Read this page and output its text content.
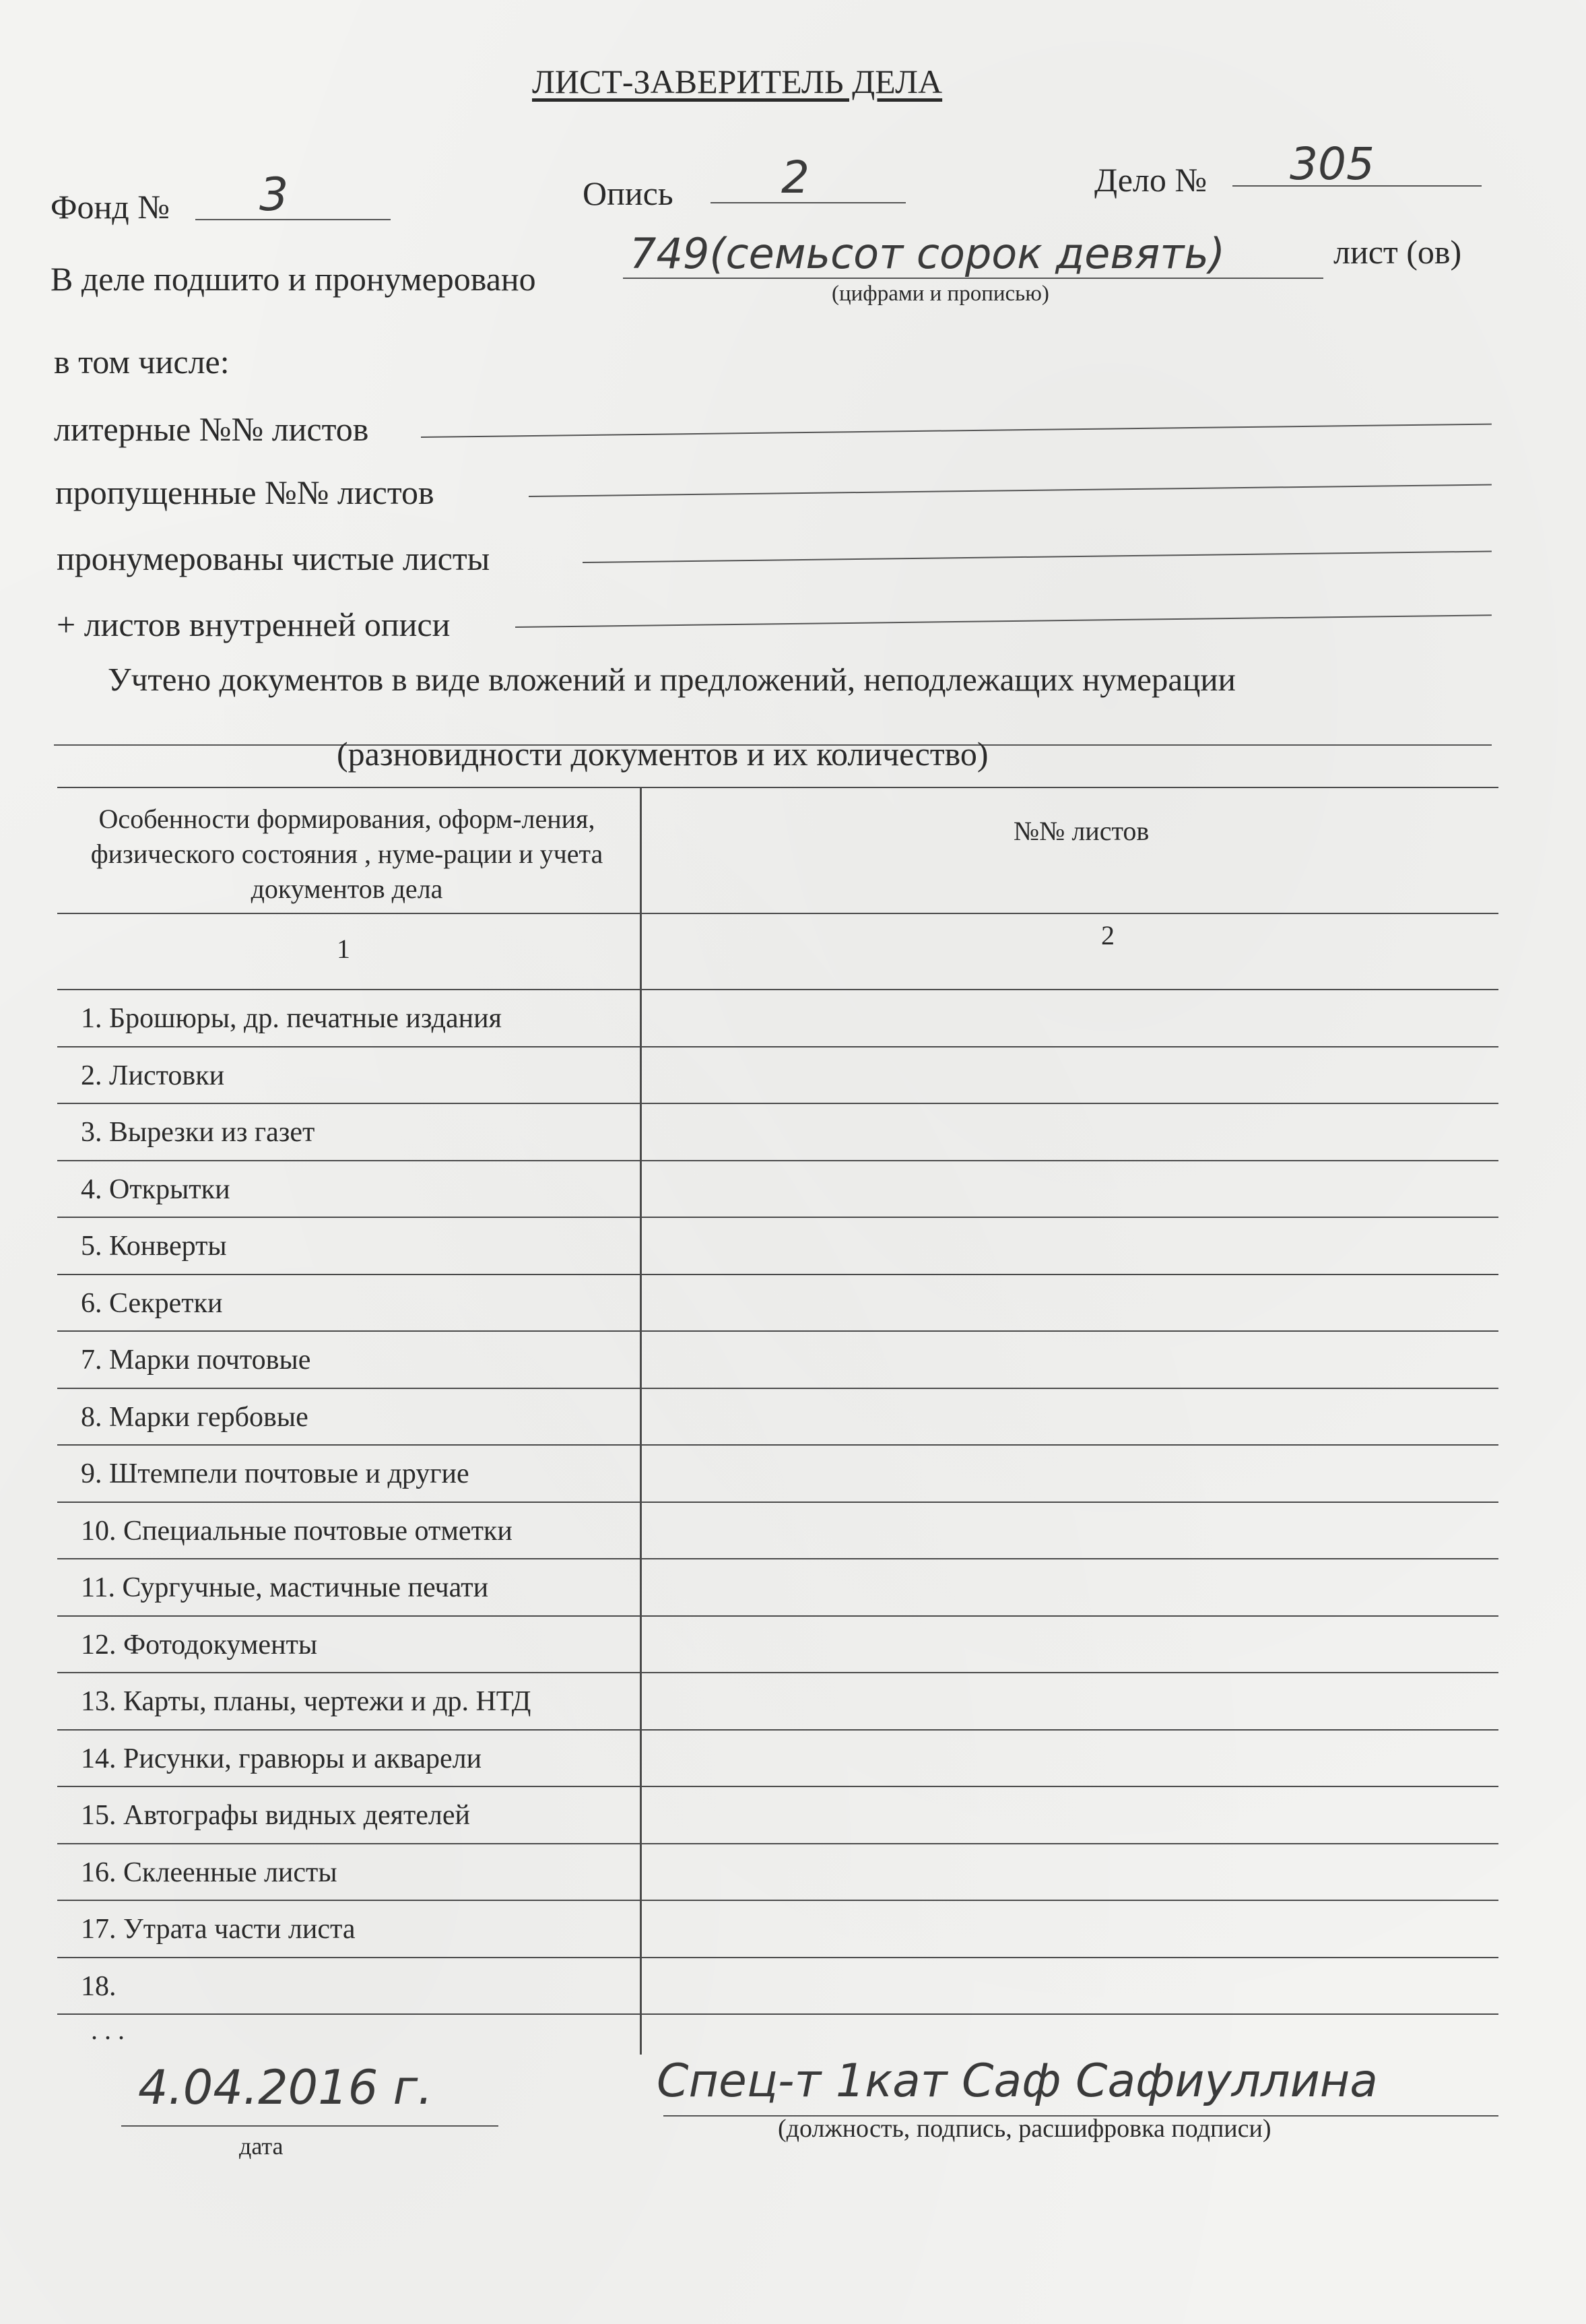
ЛИСТ-ЗАВЕРИТЕЛЬ ДЕЛА
Фонд № 3	Опись 2	Дело № 305
В деле подшито и пронумеровано
749(семьсот сорок девять)	лист (ов)
(цифрами и прописью)
в том числе:
литерные №№ листов
пропущенные №№ листов
пронумерованы чистые листы
+ листов внутренней описи
Учтено документов в виде вложений и предложений, неподлежащих нумерации
(разновидности документов и их количество)
Особенности формирования, оформ-ления, физического состояния , нуме-рации и учета документов дела
№№ листов
1	2
1. Брошюры, др. печатные издания
2. Листовки
3. Вырезки из газет
4. Открытки
5. Конверты
6. Секретки
7. Марки почтовые
8. Марки гербовые
9. Штемпели почтовые и другие
10. Специальные почтовые отметки
11. Сургучные, мастичные печати
12. Фотодокументы
13. Карты, планы, чертежи и др. НТД
14. Рисунки, гравюры и акварели
15. Автографы видных деятелей
16. Склеенные листы
17. Утрата части листа
18.
. . .
4.04.2016 г.
дата
Спец-т 1кат Саф Сафиуллина
(должность, подпись, расшифровка подписи)
